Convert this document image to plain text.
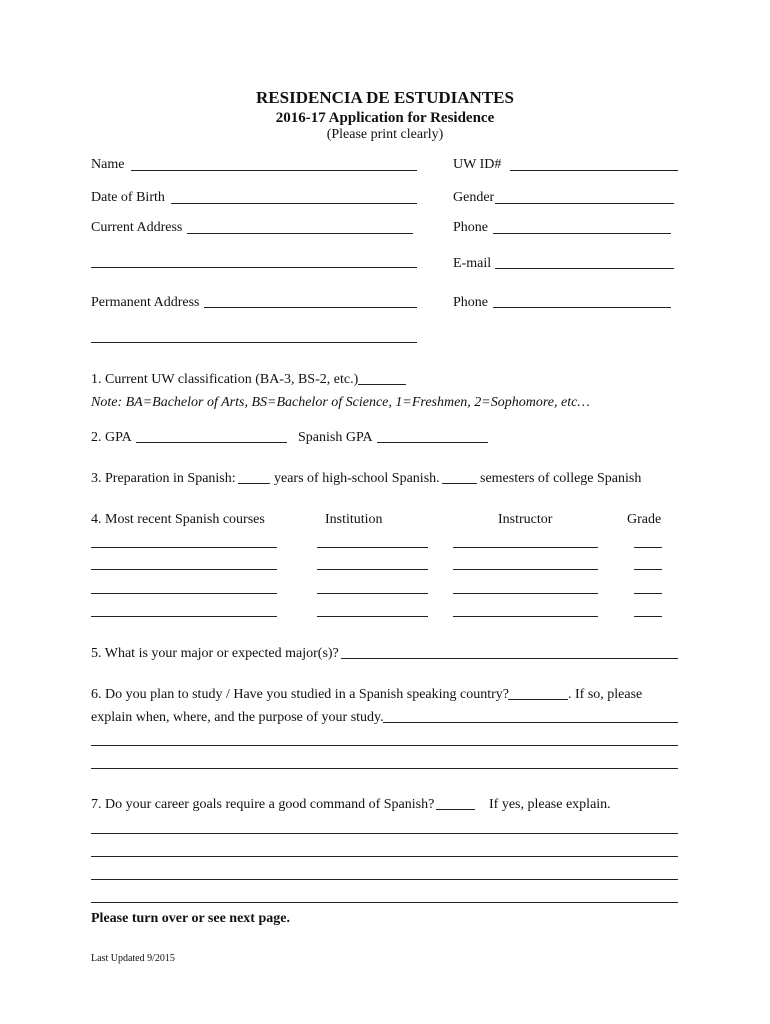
RESIDENCIA DE ESTUDIANTES
2016-17 Application for Residence
(Please print clearly)
Name	UW ID#
Date of Birth	Gender
Current Address	Phone
E-mail
Permanent Address	Phone
1. Current UW classification (BA-3, BS-2, etc.)
Note: BA=Bachelor of Arts, BS=Bachelor of Science, 1=Freshmen, 2=Sophomore, etc…
2. GPA	Spanish GPA
3. Preparation in Spanish:	years of high-school Spanish.	semesters of college Spanish
4. Most recent Spanish courses	Institution	Instructor	Grade
5. What is your major or expected major(s)?
6. Do you plan to study / Have you studied in a Spanish speaking country?	. If so, please
explain when, where, and the purpose of your study.
7. Do your career goals require a good command of Spanish?	If yes, please explain.
Please turn over or see next page.
Last Updated 9/2015
